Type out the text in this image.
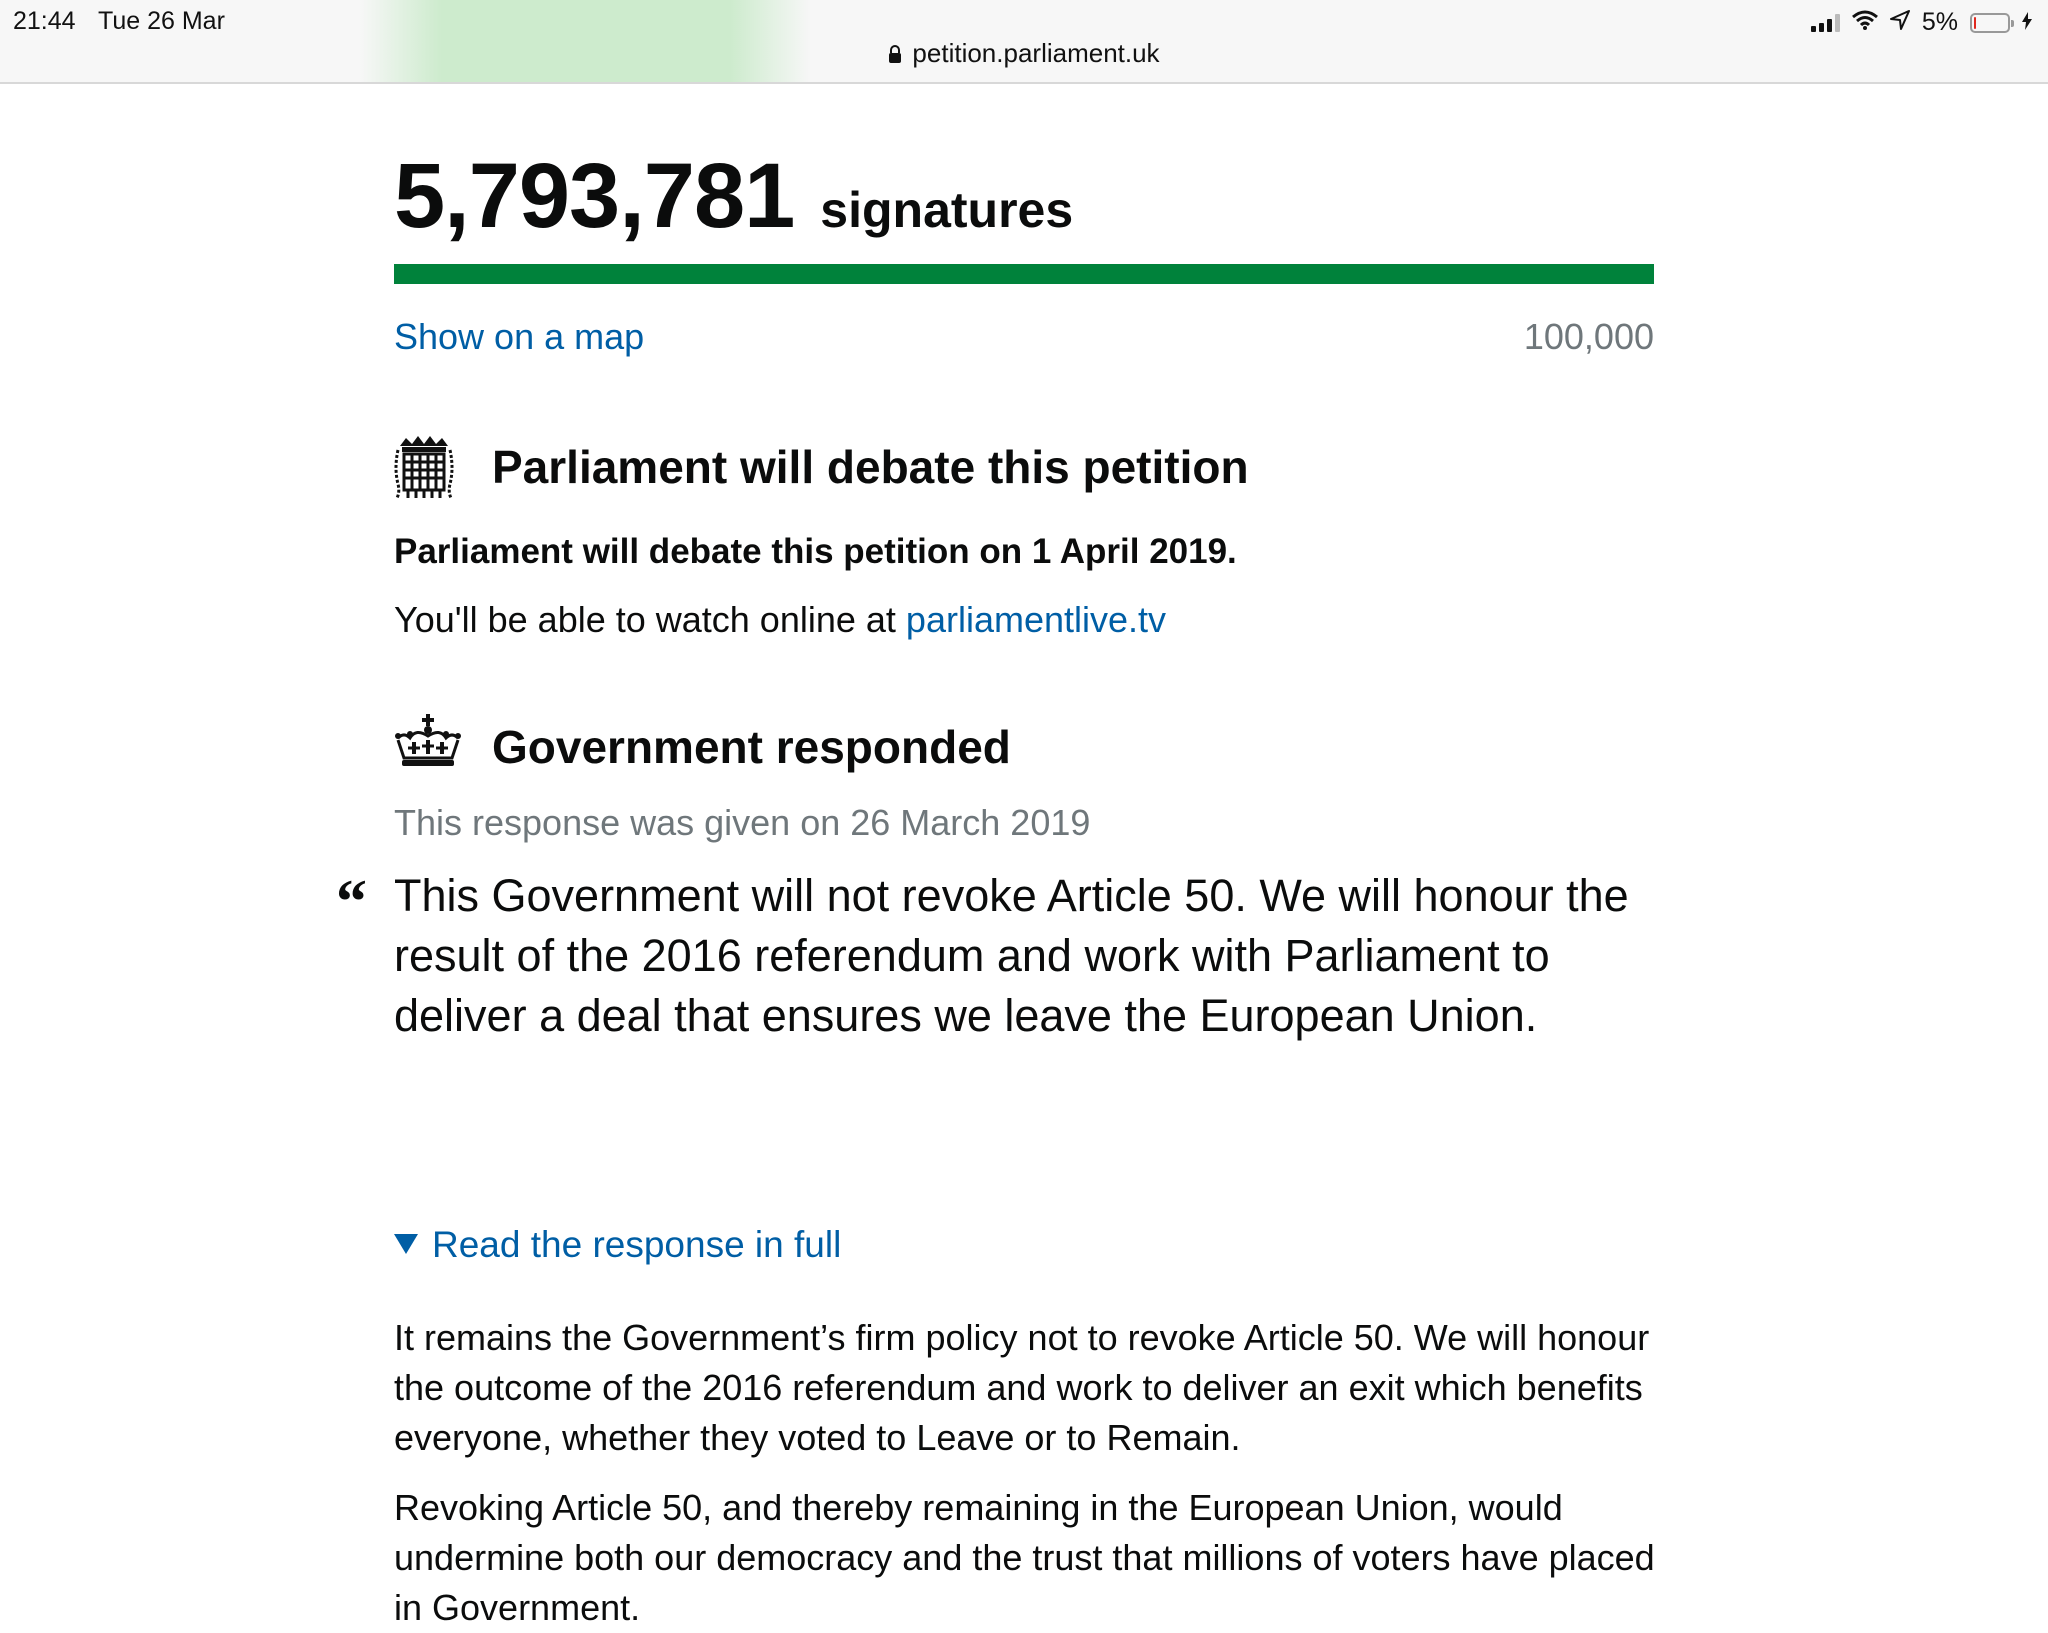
21:44 Tue 26 Mar
petition.parliament.uk
5%
5,793,781 signatures
Show on a map	100,000
Parliament will debate this petition
Parliament will debate this petition on 1 April 2019.
You'll be able to watch online at parliamentlive.tv
Government responded
This response was given on 26 March 2019
“ This Government will not revoke Article 50. We will honour the result of the 2016 referendum and work with Parliament to deliver a deal that ensures we leave the European Union.
Read the response in full
It remains the Government’s firm policy not to revoke Article 50. We will honour the outcome of the 2016 referendum and work to deliver an exit which benefits everyone, whether they voted to Leave or to Remain.
Revoking Article 50, and thereby remaining in the European Union, would undermine both our democracy and the trust that millions of voters have placed in Government.
